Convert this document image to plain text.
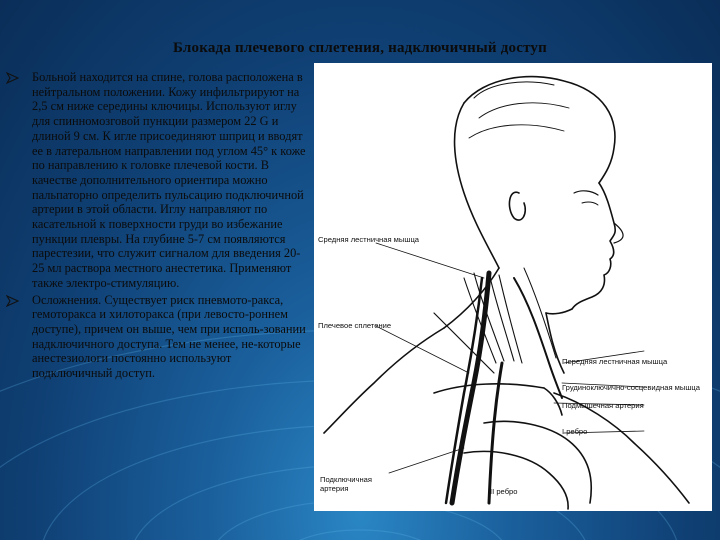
Блокада плечевого сплетения, надключичный доступ
Больной находится на спине, голова расположена в нейтральном положении. Кожу инфильтрируют на 2,5 см ниже середины ключицы. Используют иглу для спинномозговой пункции размером 22 G и длиной 9 см. К игле присоединяют шприц и вводят ее в латеральном направлении под углом 45° к коже по направлению к головке плечевой кости. В качестве дополнительного ориентира можно пальпаторно определить пульсацию подключичной артерии в этой области. Иглу направляют по касательной к поверхности груди во избежание пункции плевры. На глубине 5-7 см появляются парестезии, что служит сигналом для введения 20-25 мл раствора местного анестетика. Применяют также электро-стимуляцию.
Осложнения. Существует риск пневмото-ракса, гемоторакса и хилоторакса (при левосто-роннем доступе), причем он выше, чем при исполь-зовании надключичного доступа. Тем не менее, не-которые анестезиологи постоянно используют подключичный доступ.
Средняя лестничная мышца
Плечевое сплетение
Передняя лестничная мышца
Грудиноключично-сосцевидная мышца
Подмышечная артерия
I ребро
Подключичная
артерия	II ребро
